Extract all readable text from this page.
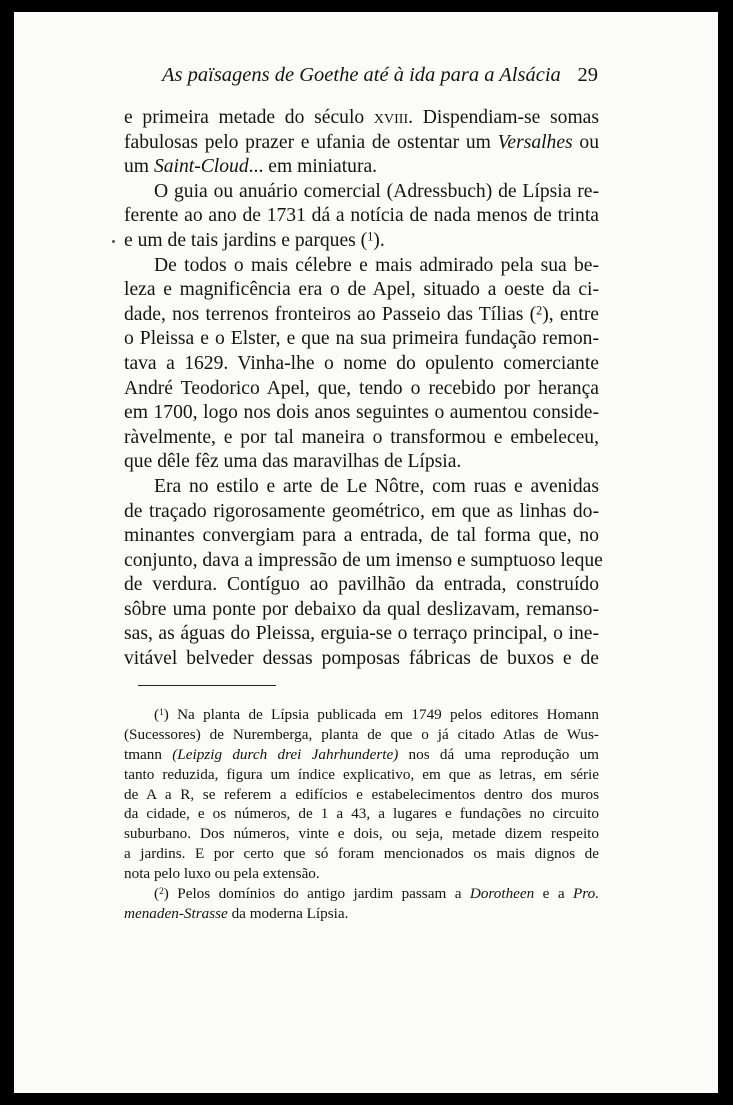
As païsagens de Goethe até à ida para a Alsácia 29
e primeira metade do século xviii. Dispendiam-se somas
fabulosas pelo prazer e ufania de ostentar um Versalhes ou
um Saint-Cloud... em miniatura.
O guia ou anuário comercial (Adressbuch) de Lípsia re-
ferente ao ano de 1731 dá a notícia de nada menos de trinta
e um de tais jardins e parques ($^1$).
De todos o mais célebre e mais admirado pela sua be-
leza e magnificência era o de Apel, situado a oeste da ci-
dade, nos terrenos fronteiros ao Passeio das Tílias ($^2$), entre
o Pleissa e o Elster, e que na sua primeira fundação remon-
tava a 1629. Vinha-lhe o nome do opulento comerciante
André Teodorico Apel, que, tendo o recebido por herança
em 1700, logo nos dois anos seguintes o aumentou conside-
ràvelmente, e por tal maneira o transformou e embeleceu,
que dêle fêz uma das maravilhas de Lípsia.
Era no estilo e arte de Le Nôtre, com ruas e avenidas
de traçado rigorosamente geométrico, em que as linhas do-
minantes convergiam para a entrada, de tal forma que, no
conjunto, dava a impressão de um imenso e sumptuoso leque
de verdura. Contíguo ao pavilhão da entrada, construído
sôbre uma ponte por debaixo da qual deslizavam, remanso-
sas, as águas do Pleissa, erguia-se o terraço principal, o ine-
vitável belveder dessas pomposas fábricas de buxos e de
($^1$) Na planta de Lípsia publicada em 1749 pelos editores Homann
(Sucessores) de Nuremberga, planta de que o já citado Atlas de Wus-
tmann (Leipzig durch drei Jahrhunderte) nos dá uma reprodução um
tanto reduzida, figura um índice explicativo, em que as letras, em série
de A a R, se referem a edifícios e estabelecimentos dentro dos muros
da cidade, e os números, de 1 a 43, a lugares e fundações no circuito
suburbano. Dos números, vinte e dois, ou seja, metade dizem respeito
a jardins. E por certo que só foram mencionados os mais dignos de
nota pelo luxo ou pela extensão.
($^2$) Pelos domínios do antigo jardim passam a Dorotheen e a Pro.
menaden-Strasse da moderna Lípsia.
